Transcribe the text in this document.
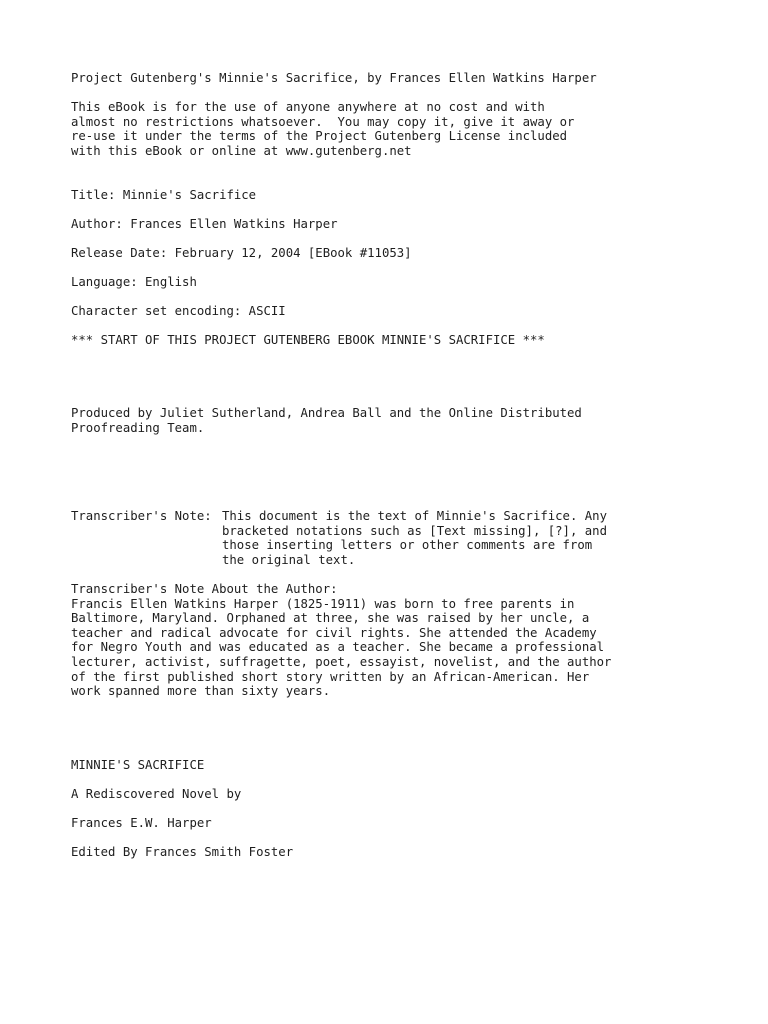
Project Gutenberg's Minnie's Sacrifice, by Frances Ellen Watkins Harper

This eBook is for the use of anyone anywhere at no cost and with

almost no restrictions whatsoever.  You may copy it, give it away or

re-use it under the terms of the Project Gutenberg License included

with this eBook or online at www.gutenberg.net

Title: Minnie's Sacrifice

Author: Frances Ellen Watkins Harper

Release Date: February 12, 2004 [EBook #11053]

Language: English

Character set encoding: ASCII

*** START OF THIS PROJECT GUTENBERG EBOOK MINNIE'S SACRIFICE ***

Produced by Juliet Sutherland, Andrea Ball and the Online Distributed

Proofreading Team.

Transcriber's Note: This document is the text of Minnie's Sacrifice. Any

bracketed notations such as [Text missing], [?], and

those inserting letters or other comments are from

the original text.

Transcriber's Note About the Author:

Francis Ellen Watkins Harper (1825-1911) was born to free parents in

Baltimore, Maryland. Orphaned at three, she was raised by her uncle, a

teacher and radical advocate for civil rights. She attended the Academy

for Negro Youth and was educated as a teacher. She became a professional

lecturer, activist, suffragette, poet, essayist, novelist, and the author

of the first published short story written by an African-American. Her

work spanned more than sixty years.

MINNIE'S SACRIFICE

A Rediscovered Novel by

Frances E.W. Harper

Edited By Frances Smith Foster
